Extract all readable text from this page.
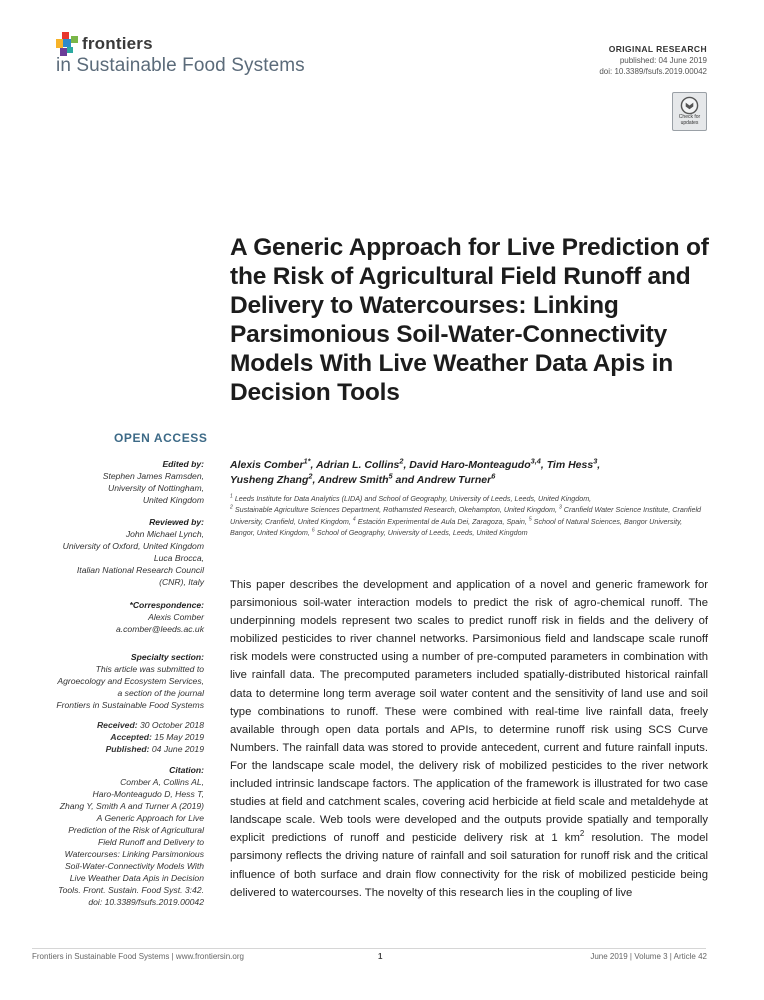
frontiers
in Sustainable Food Systems
ORIGINAL RESEARCH
published: 04 June 2019
doi: 10.3389/fsufs.2019.00042
Check for updates
A Generic Approach for Live Prediction of the Risk of Agricultural Field Runoff and Delivery to Watercourses: Linking Parsimonious Soil-Water-Connectivity Models With Live Weather Data Apis in Decision Tools
OPEN ACCESS
Edited by:
Stephen James Ramsden,
University of Nottingham,
United Kingdom
Reviewed by:
John Michael Lynch,
University of Oxford, United Kingdom
Luca Brocca,
Italian National Research Council
(CNR), Italy
*Correspondence:
Alexis Comber
a.comber@leeds.ac.uk
Specialty section:
This article was submitted to
Agroecology and Ecosystem Services,
a section of the journal
Frontiers in Sustainable Food Systems
Received: 30 October 2018
Accepted: 15 May 2019
Published: 04 June 2019
Citation:
Comber A, Collins AL,
Haro-Monteagudo D, Hess T,
Zhang Y, Smith A and Turner A (2019)
A Generic Approach for Live
Prediction of the Risk of Agricultural
Field Runoff and Delivery to
Watercourses: Linking Parsimonious
Soil-Water-Connectivity Models With
Live Weather Data Apis in Decision
Tools. Front. Sustain. Food Syst. 3:42.
doi: 10.3389/fsufs.2019.00042
Alexis Comber$^{1*}$, Adrian L. Collins$^2$, David Haro-Monteagudo$^{3,4}$, Tim Hess$^3$,
Yusheng Zhang$^2$, Andrew Smith$^5$ and Andrew Turner$^6$
$^1$ Leeds Institute for Data Analytics (LIDA) and School of Geography, University of Leeds, Leeds, United Kingdom,
$^2$ Sustainable Agriculture Sciences Department, Rothamsted Research, Okehampton, United Kingdom, $^3$ Cranfield Water Science Institute, Cranfield University, Cranfield, United Kingdom, $^4$ Estación Experimental de Aula Dei, Zaragoza, Spain, $^5$ School of Natural Sciences, Bangor University, Bangor, United Kingdom, $^6$ School of Geography, University of Leeds, Leeds, United Kingdom
This paper describes the development and application of a novel and generic framework for parsimonious soil-water interaction models to predict the risk of agro-chemical runoff. The underpinning models represent two scales to predict runoff risk in fields and the delivery of mobilized pesticides to river channel networks. Parsimonious field and landscape scale runoff risk models were constructed using a number of pre-computed parameters in combination with live rainfall data. The precomputed parameters included spatially-distributed historical rainfall data to determine long term average soil water content and the sensitivity of land use and soil type combinations to runoff. These were combined with real-time live rainfall data, freely available through open data portals and APIs, to determine runoff risk using SCS Curve Numbers. The rainfall data was stored to provide antecedent, current and future rainfall inputs. For the landscape scale model, the delivery risk of mobilized pesticides to the river network included intrinsic landscape factors. The application of the framework is illustrated for two case studies at field and catchment scales, covering acid herbicide at field scale and metaldehyde at landscape scale. Web tools were developed and the outputs provide spatially and temporally explicit predictions of runoff and pesticide delivery risk at 1 $km^2$ resolution. The model parsimony reflects the driving nature of rainfall and soil saturation for runoff risk and the critical influence of both surface and drain flow connectivity for the risk of mobilized pesticide being delivered to watercourses. The novelty of this research lies in the coupling of live
Frontiers in Sustainable Food Systems | www.frontiersin.org	1	June 2019 | Volume 3 | Article 42
